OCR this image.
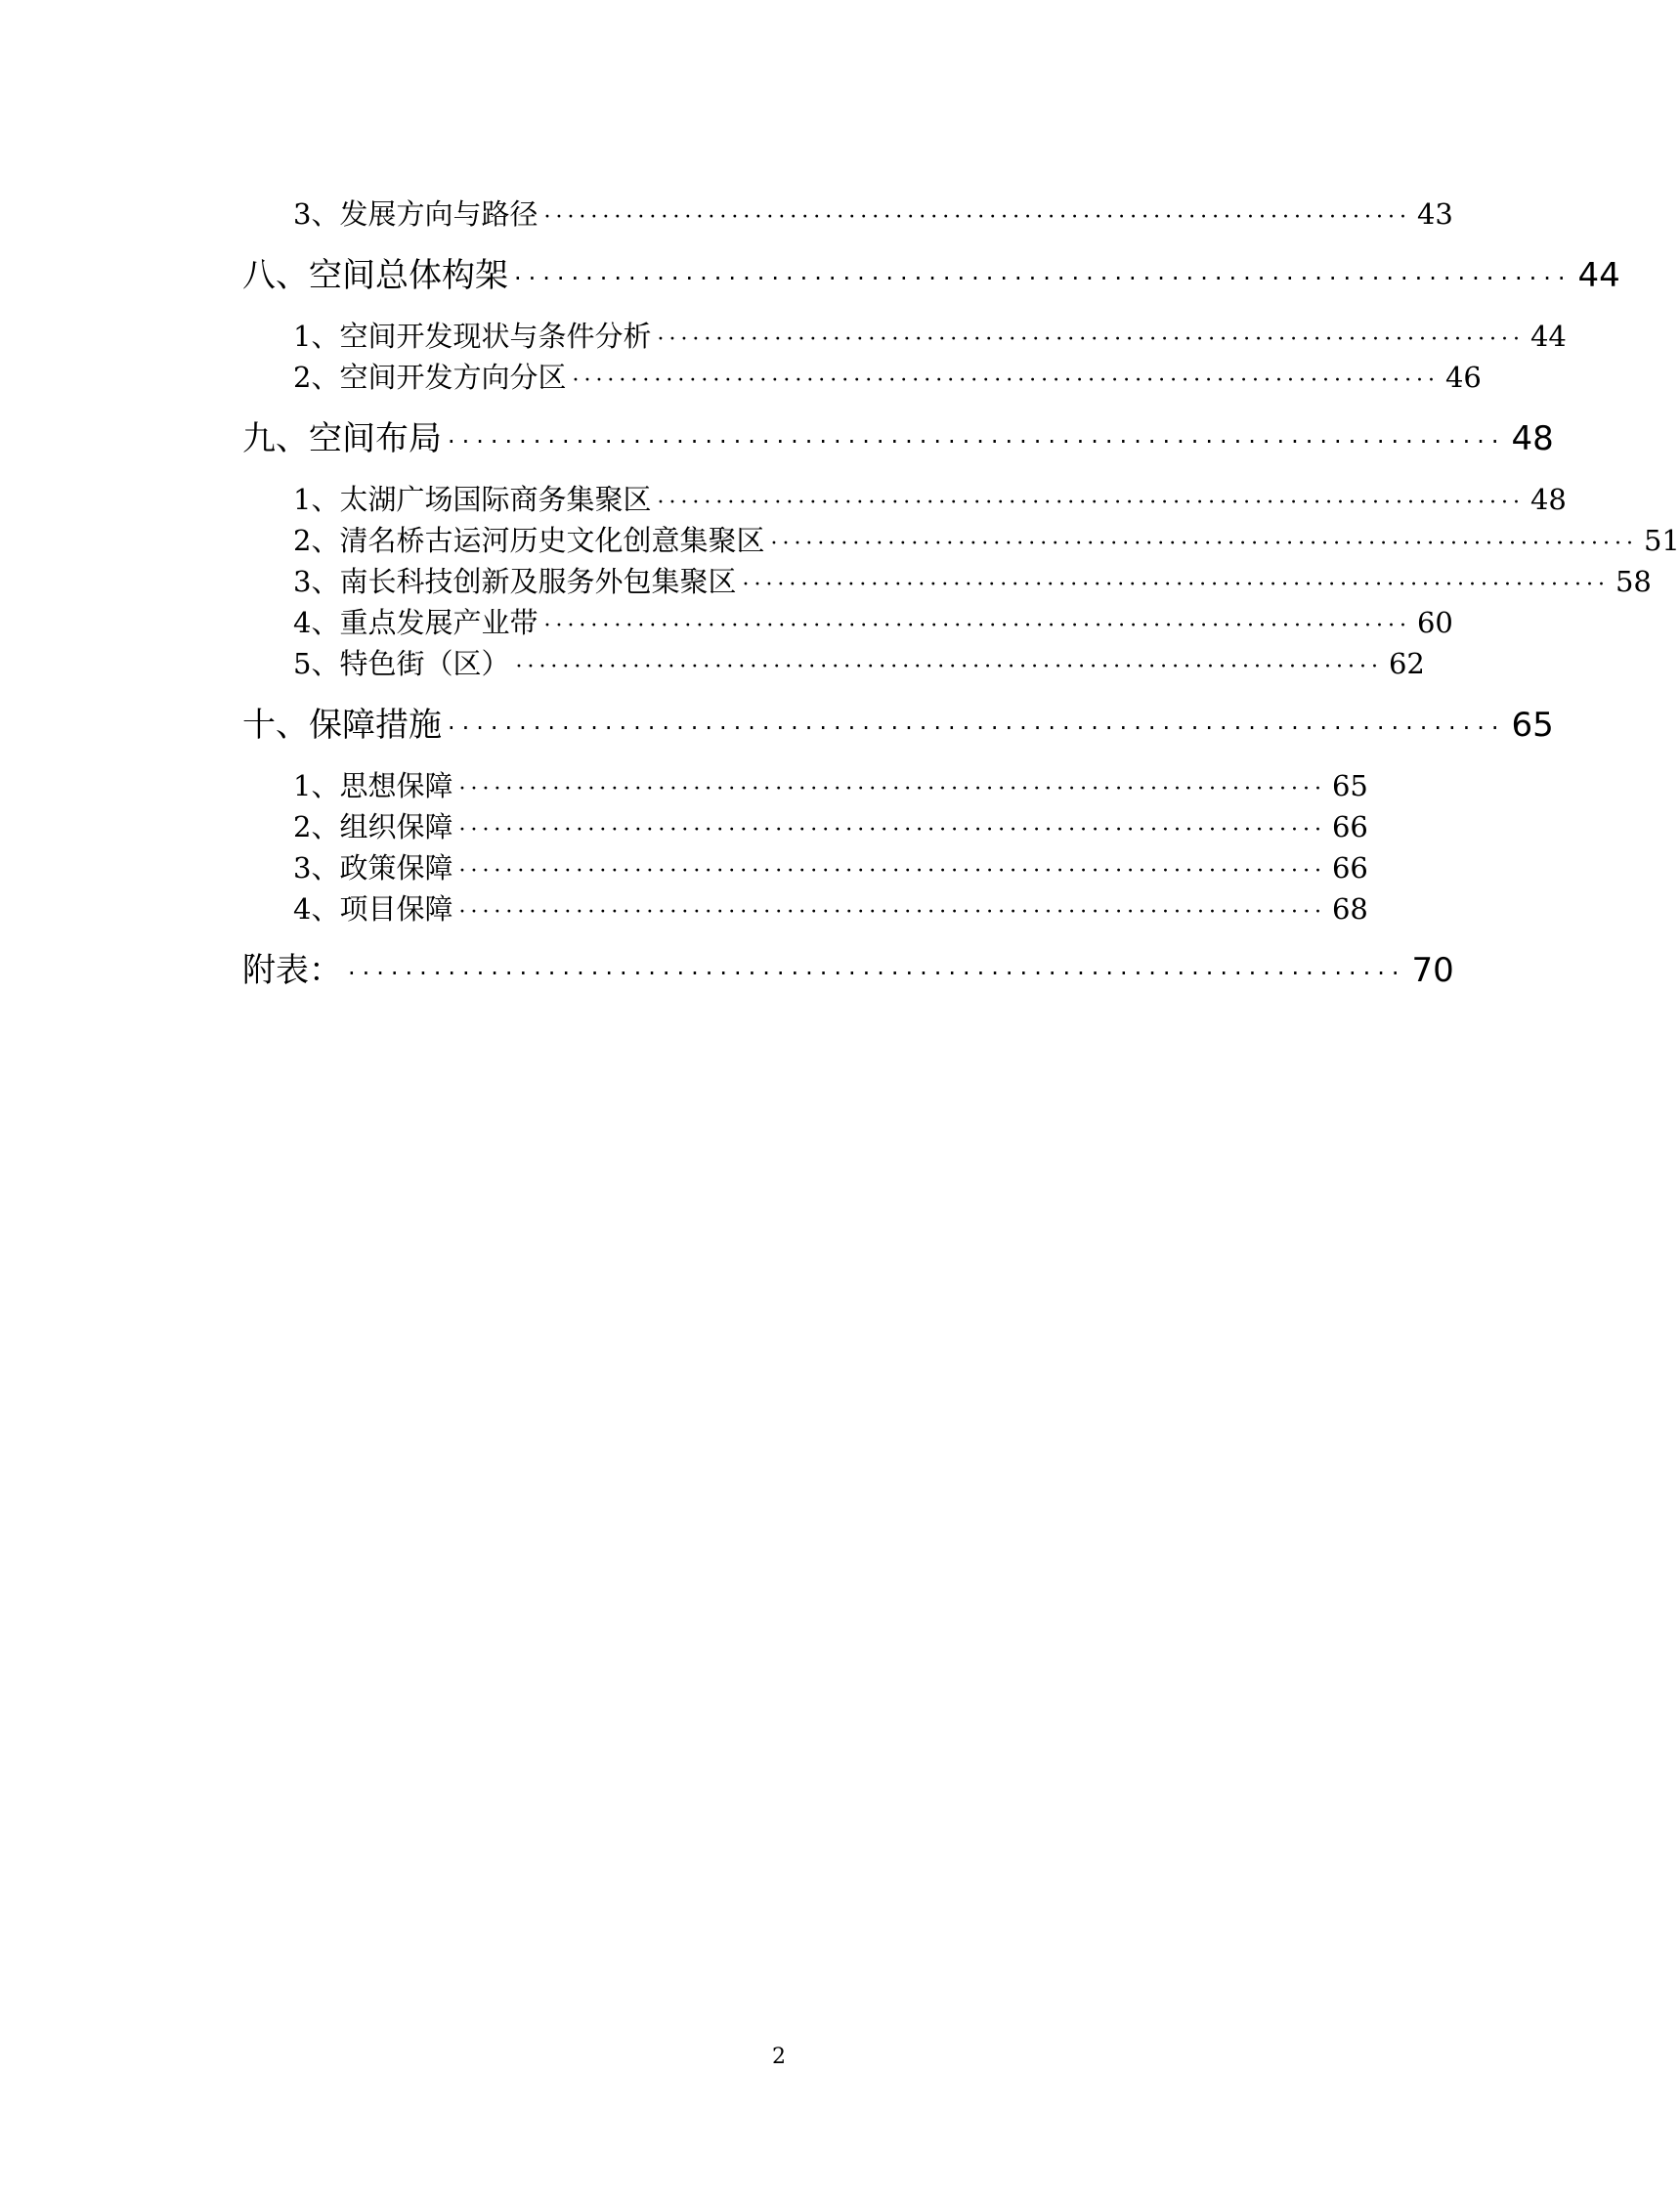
3、发展方向与路径 ·········································································· 43
八、空间总体构架 ·········································································· 44
1、空间开发现状与条件分析 ·········································································· 44
2、空间开发方向分区 ·········································································· 46
九、空间布局 ·········································································· 48
1、太湖广场国际商务集聚区 ·········································································· 48
2、清名桥古运河历史文化创意集聚区 ·········································································· 51
3、南长科技创新及服务外包集聚区 ·········································································· 58
4、重点发展产业带 ·········································································· 60
5、特色街（区） ·········································································· 62
十、保障措施 ·········································································· 65
1、思想保障 ·········································································· 65
2、组织保障 ·········································································· 66
3、政策保障 ·········································································· 66
4、项目保障 ·········································································· 68
附表： ·········································································· 70
2
